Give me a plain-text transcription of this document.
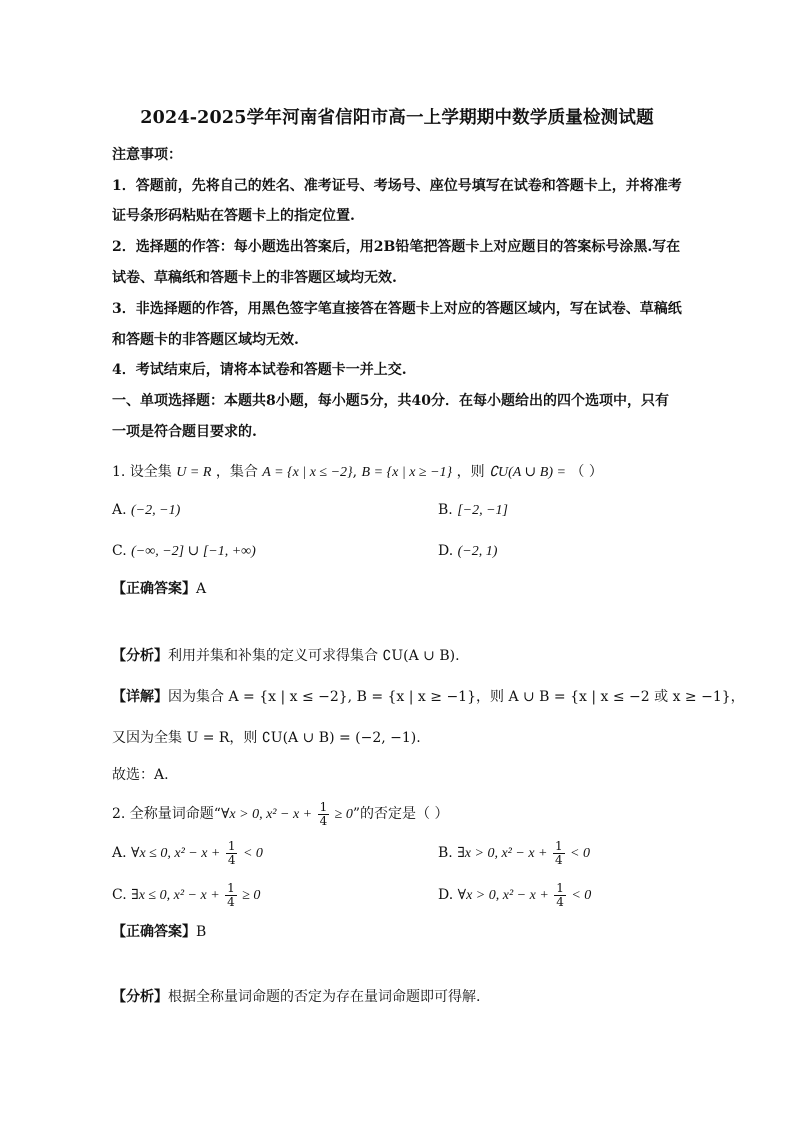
2024-2025学年河南省信阳市高一上学期期中数学质量检测试题
注意事项：
1．答题前，先将自己的姓名、准考证号、考场号、座位号填写在试卷和答题卡上，并将准考
证号条形码粘贴在答题卡上的指定位置.
2．选择题的作答：每小题选出答案后，用2B铅笔把答题卡上对应题目的答案标号涂黑.写在
试卷、草稿纸和答题卡上的非答题区域均无效.
3．非选择题的作答，用黑色签字笔直接答在答题卡上对应的答题区域内，写在试卷、草稿纸
和答题卡的非答题区域均无效.
4．考试结束后，请将本试卷和答题卡一并上交.
一、单项选择题：本题共8小题，每小题5分，共40分．在每小题给出的四个选项中，只有
一项是符合题目要求的.
1. 设全集 U = R ，集合 A = {x | x ≤ −2}, B = {x | x ≥ −1} ，则 ∁U(A ∪ B) = （ ）
A. (−2, −1)	B. [−2, −1]
C. (−∞, −2] ∪ [−1, +∞)	D. (−2, 1)
【正确答案】A
【分析】利用并集和补集的定义可求得集合 ∁U(A ∪ B).
【详解】因为集合 A = {x | x ≤ −2}, B = {x | x ≥ −1}，则 A ∪ B = {x | x ≤ −2 或 x ≥ −1}，
又因为全集 U = R，则 ∁U(A ∪ B) = (−2, −1).
故选：A.
2. 全称量词命题“∀x > 0, $x^2 - x + \frac{1}{4} \ge 0$”的否定是（ ）
A. ∀x ≤ 0, $x^2 - x + \frac{1}{4} < 0$	B. ∃x > 0, $x^2 - x + \frac{1}{4} < 0$
C. ∃x ≤ 0, $x^2 - x + \frac{1}{4} \ge 0$	D. ∀x > 0, $x^2 - x + \frac{1}{4} < 0$
【正确答案】B
【分析】根据全称量词命题的否定为存在量词命题即可得解.
